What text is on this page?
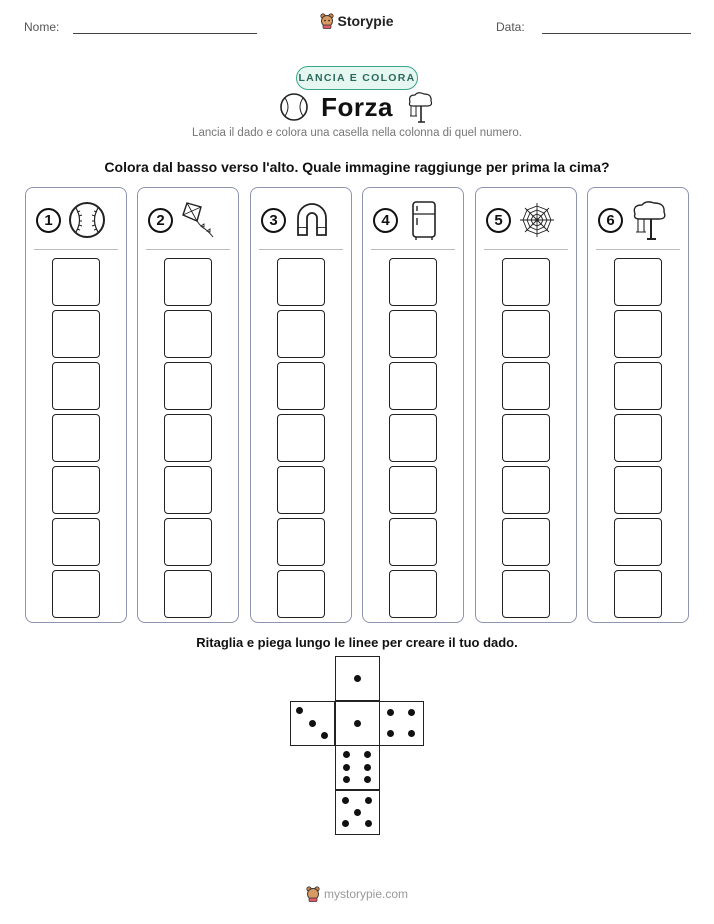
Nome:	Storypie	Data:
LANCIA E COLORA
Forza
Lancia il dado e colora una casella nella colonna di quel numero.
Colora dal basso verso l'alto. Quale immagine raggiunge per prima la cima?
1	2	3	4	5	6
Ritaglia e piega lungo le linee per creare il tuo dado.
mystorypie.com
